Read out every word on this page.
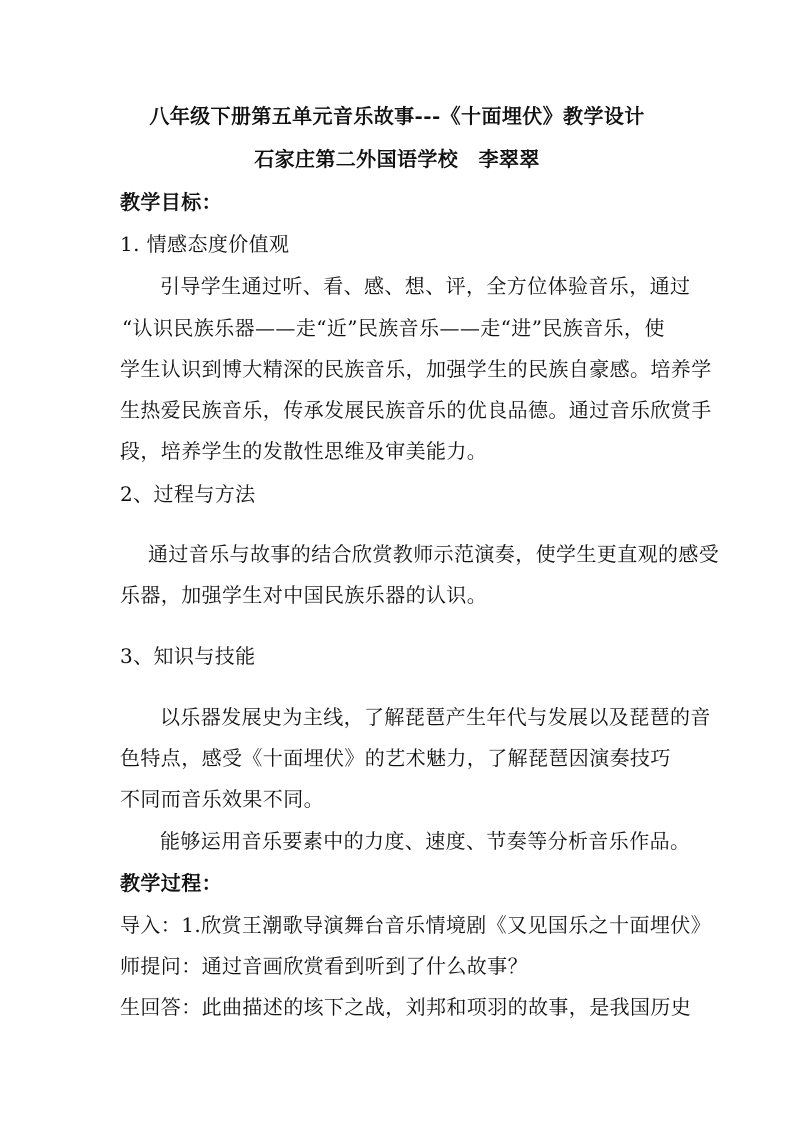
八年级下册第五单元音乐故事---《十面埋伏》教学设计
石家庄第二外国语学校　李翠翠
教学目标：
1. 情感态度价值观
引导学生通过听、看、感、想、评，全方位体验音乐，通过
“认识民族乐器——走“近”民族音乐——走“进”民族音乐，使
学生认识到博大精深的民族音乐，加强学生的民族自豪感。培养学
生热爱民族音乐，传承发展民族音乐的优良品德。通过音乐欣赏手
段，培养学生的发散性思维及审美能力。
2、过程与方法
通过音乐与故事的结合欣赏教师示范演奏，使学生更直观的感受
乐器，加强学生对中国民族乐器的认识。
3、知识与技能
以乐器发展史为主线，了解琵琶产生年代与发展以及琵琶的音
色特点，感受《十面埋伏》的艺术魅力，了解琵琶因演奏技巧
不同而音乐效果不同。
能够运用音乐要素中的力度、速度、节奏等分析音乐作品。
教学过程：
导入：1.欣赏王潮歌导演舞台音乐情境剧《又见国乐之十面埋伏》
师提问：通过音画欣赏看到听到了什么故事？
生回答：此曲描述的垓下之战，刘邦和项羽的故事，是我国历史
